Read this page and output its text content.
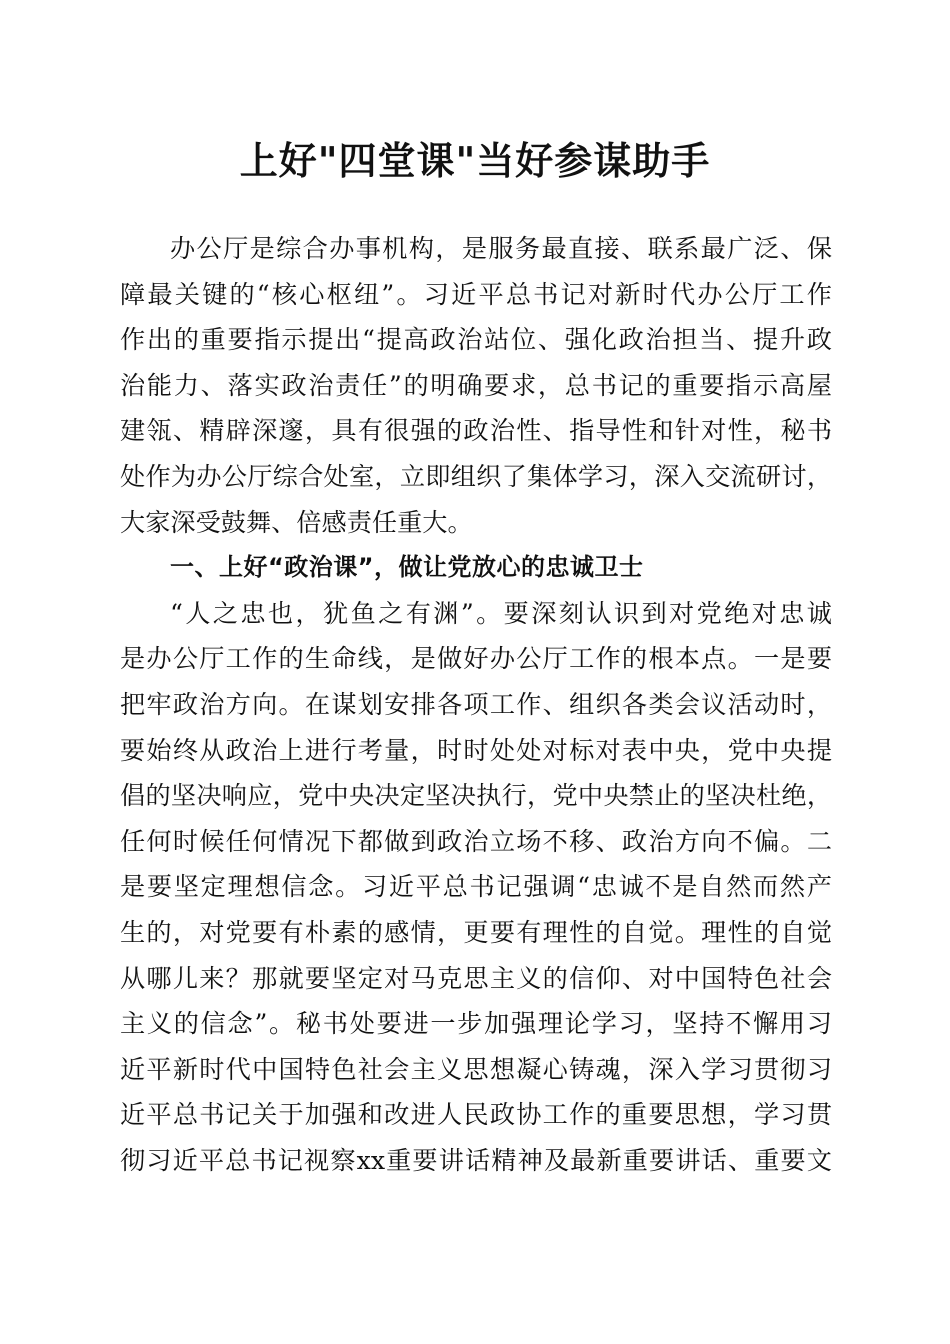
上好"四堂课"当好参谋助手
办公厅是综合办事机构，是服务最直接、联系最广泛、保
障最关键的“核心枢纽”。习近平总书记对新时代办公厅工作
作出的重要指示提出“提高政治站位、强化政治担当、提升政
治能力、落实政治责任”的明确要求，总书记的重要指示高屋
建瓴、精辟深邃，具有很强的政治性、指导性和针对性，秘书
处作为办公厅综合处室，立即组织了集体学习，深入交流研讨，
大家深受鼓舞、倍感责任重大。
一、上好“政治课”，做让党放心的忠诚卫士
“人之忠也，犹鱼之有渊”。要深刻认识到对党绝对忠诚
是办公厅工作的生命线，是做好办公厅工作的根本点。一是要
把牢政治方向。在谋划安排各项工作、组织各类会议活动时，
要始终从政治上进行考量，时时处处对标对表中央，党中央提
倡的坚决响应，党中央决定坚决执行，党中央禁止的坚决杜绝，
任何时候任何情况下都做到政治立场不移、政治方向不偏。二
是要坚定理想信念。习近平总书记强调“忠诚不是自然而然产
生的，对党要有朴素的感情，更要有理性的自觉。理性的自觉
从哪儿来？那就要坚定对马克思主义的信仰、对中国特色社会
主义的信念”。秘书处要进一步加强理论学习，坚持不懈用习
近平新时代中国特色社会主义思想凝心铸魂，深入学习贯彻习
近平总书记关于加强和改进人民政协工作的重要思想，学习贯
彻习近平总书记视察xx重要讲话精神及最新重要讲话、重要文
